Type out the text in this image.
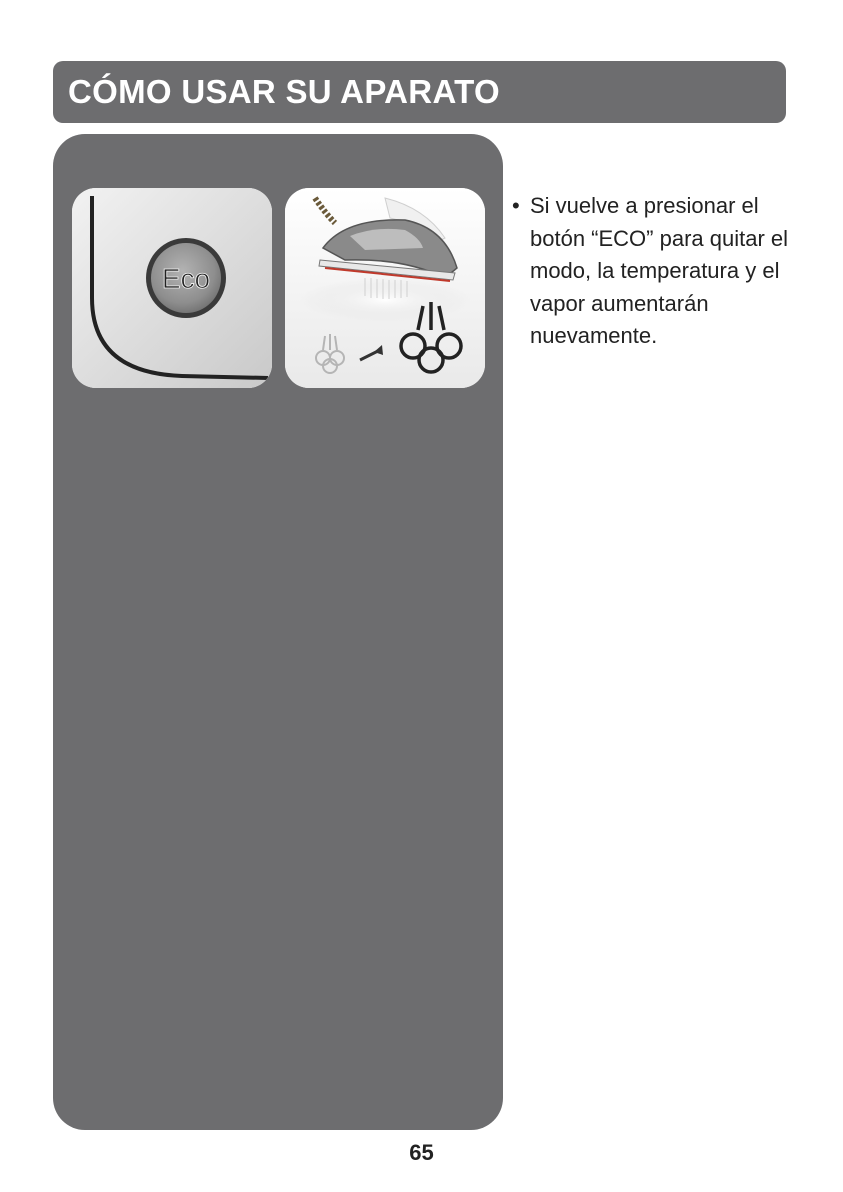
CÓMO USAR SU APARATO
Eco
• Si vuelve a presionar el botón “ECO” para quitar el modo, la temperatura y el vapor aumentarán nuevamente.
65
